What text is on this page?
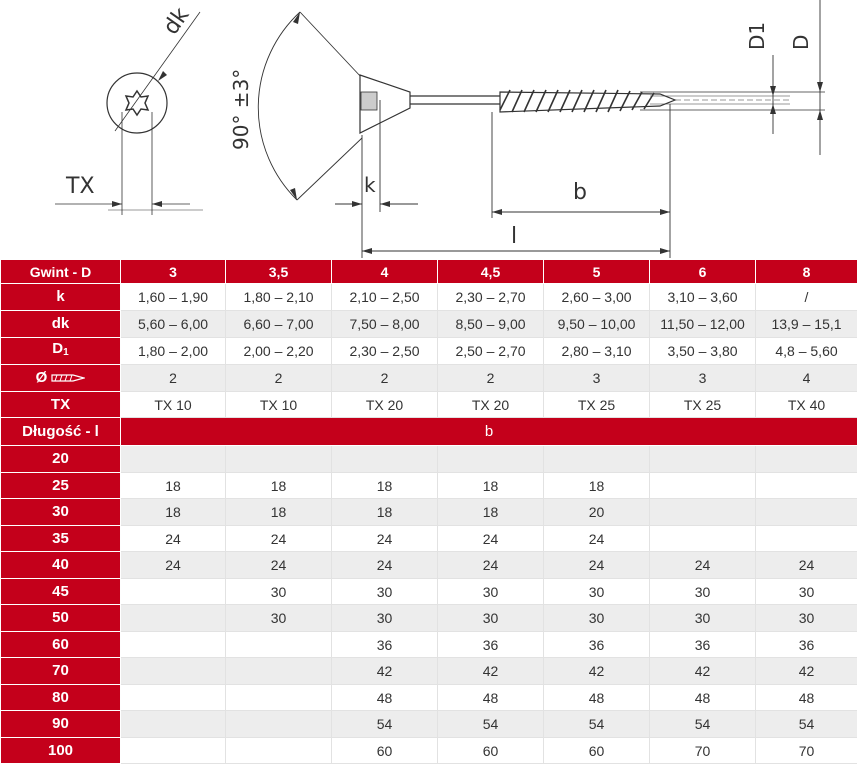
dk
TX
90° ±3°
D1 D
k	b
l
Gwint - D	3	3,5	4	4,5	5	6	8
k	1,60 – 1,90	1,80 – 2,10	2,10 – 2,50	2,30 – 2,70	2,60 – 3,00	3,10 – 3,60	/
dk	5,60 – 6,00	6,60 – 7,00	7,50 – 8,00	8,50 – 9,00	9,50 – 10,00	11,50 – 12,00	13,9 – 15,1
$D_1$	1,80 – 2,00	2,00 – 2,20	2,30 – 2,50	2,50 – 2,70	2,80 – 3,10	3,50 – 3,80	4,8 – 5,60
Ø	2	2	2	2	3	3	4
TX	TX 10	TX 10	TX 20	TX 20	TX 25	TX 25	TX 40
Długość - l	b						
20							
25	18	18	18	18	18		
30	18	18	18	18	20		
35	24	24	24	24	24		
40	24	24	24	24	24	24	24
45		30	30	30	30	30	30
50		30	30	30	30	30	30
60			36	36	36	36	36
70			42	42	42	42	42
80			48	48	48	48	48
90			54	54	54	54	54
100			60	60	60	70	70
